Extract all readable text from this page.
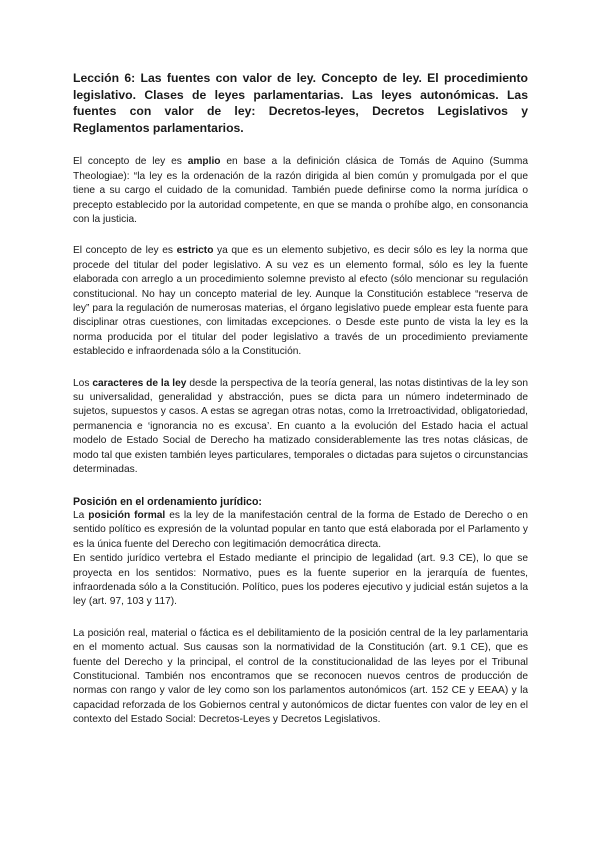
Lección 6: Las fuentes con valor de ley. Concepto de ley. El procedimiento legislativo. Clases de leyes parlamentarias. Las leyes autonómicas. Las fuentes con valor de ley: Decretos-leyes, Decretos Legislativos y Reglamentos parlamentarios.

El concepto de ley es amplio en base a la definición clásica de Tomás de Aquino (Summa Theologiae): “la ley es la ordenación de la razón dirigida al bien común y promulgada por el que tiene a su cargo el cuidado de la comunidad. También puede definirse como la norma jurídica o precepto establecido por la autoridad competente, en que se manda o prohíbe algo, en consonancia con la justicia.

El concepto de ley es estricto ya que es un elemento subjetivo, es decir sólo es ley la norma que procede del titular del poder legislativo. A su vez es un elemento formal, sólo es ley la fuente elaborada con arreglo a un procedimiento solemne previsto al efecto (sólo mencionar su regulación constitucional. No hay un concepto material de ley. Aunque la Constitución establece “reserva de ley” para la regulación de numerosas materias, el órgano legislativo puede emplear esta fuente para disciplinar otras cuestiones, con limitadas excepciones. o Desde este punto de vista la ley es la norma producida por el titular del poder legislativo a través de un procedimiento previamente establecido e infraordenada sólo a la Constitución.

Los caracteres de la ley desde la perspectiva de la teoría general, las notas distintivas de la ley son su universalidad, generalidad y abstracción, pues se dicta para un número indeterminado de sujetos, supuestos y casos. A estas se agregan otras notas, como la Irretroactividad, obligatoriedad, permanencia e ‘ignorancia no es excusa’. En cuanto a la evolución del Estado hacia el actual modelo de Estado Social de Derecho ha matizado considerablemente las tres notas clásicas, de modo tal que existen también leyes particulares, temporales o dictadas para sujetos o circunstancias determinadas.

Posición en el ordenamiento jurídico:

La posición formal es la ley de la manifestación central de la forma de Estado de Derecho o en sentido político es expresión de la voluntad popular en tanto que está elaborada por el Parlamento y es la única fuente del Derecho con legitimación democrática directa.

En sentido jurídico vertebra el Estado mediante el principio de legalidad (art. 9.3 CE), lo que se proyecta en los sentidos: Normativo, pues es la fuente superior en la jerarquía de fuentes, infraordenada sólo a la Constitución. Político, pues los poderes ejecutivo y judicial están sujetos a la ley (art. 97, 103 y 117).

La posición real, material o fáctica es el debilitamiento de la posición central de la ley parlamentaria en el momento actual. Sus causas son la normatividad de la Constitución (art. 9.1 CE), que es fuente del Derecho y la principal, el control de la constitucionalidad de las leyes por el Tribunal Constitucional. También nos encontramos que se reconocen nuevos centros de producción de normas con rango y valor de ley como son los parlamentos autonómicos (art. 152 CE y EEAA) y la capacidad reforzada de los Gobiernos central y autonómicos de dictar fuentes con valor de ley en el contexto del Estado Social: Decretos-Leyes y Decretos Legislativos.
